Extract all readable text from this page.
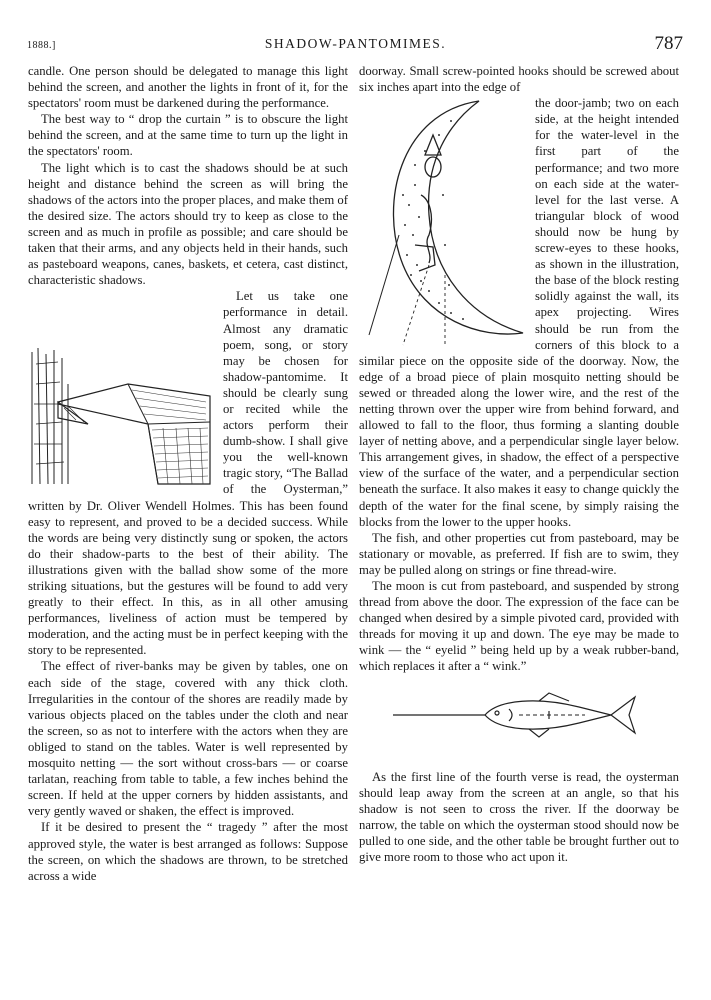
1888.]	SHADOW-PANTOMIMES.	787

candle. One person should be delegated to manage this light behind the screen, and another the lights in front of it, for the spectators' room must be darkened during the performance.

The best way to “ drop the curtain ” is to obscure the light behind the screen, and at the same time to turn up the light in the spectators' room.

The light which is to cast the shadows should be at such height and distance behind the screen as will bring the shadows of the actors into the proper places, and make them of the desired size. The actors should try to keep as close to the screen and as much in profile as possible; and care should be taken that their arms, and any objects held in their hands, such as pasteboard weapons, canes, baskets, et cetera, cast distinct, characteristic shadows.

Let us take one performance in detail. Almost any dramatic poem, song, or story may be chosen for shadow-pantomime. It should be clearly sung or recited while the actors perform their dumb-show. I shall give you the well-known tragic story, “The Ballad of the Oysterman,” written by Dr. Oliver Wendell Holmes. This has been found easy to represent, and proved to be a decided success. While the words are being very distinctly sung or spoken, the actors do their shadow-parts to the best of their ability. The illustrations given with the ballad show some of the more striking situations, but the gestures will be found to add very greatly to their effect. In this, as in all other amusing performances, liveliness of action must be tempered by moderation, and the acting must be in perfect keeping with the story to be represented.

The effect of river-banks may be given by tables, one on each side of the stage, covered with any thick cloth. Irregularities in the contour of the shores are readily made by various objects placed on the tables under the cloth and near the screen, so as not to interfere with the actors when they are obliged to stand on the tables. Water is well represented by mosquito netting — the sort without cross-bars — or coarse tarlatan, reaching from table to table, a few inches behind the screen. If held at the upper corners by hidden assistants, and very gently waved or shaken, the effect is improved.

If it be desired to present the “ tragedy ” after the most approved style, the water is best arranged as follows: Suppose the screen, on which the shadows are thrown, to be stretched across a wide

doorway. Small screw-pointed hooks should be screwed about six inches apart into the edge of

the door-jamb; two on each side, at the height intended for the water-level in the first part of the performance; and two more on each side at the water-level for the last verse. A triangular block of wood should now be hung by screw-eyes to these hooks, as shown in the illustration, the base of the block resting solidly against the wall, its apex projecting. Wires should be run from the corners of this block to a similar piece on the opposite side of the doorway. Now, the edge of a broad piece of plain mosquito netting should be sewed or threaded along the lower wire, and the rest of the netting thrown over the upper wire from behind forward, and allowed to fall to the floor, thus forming a slanting double layer of netting above, and a perpendicular single layer below. This arrangement gives, in shadow, the effect of a perspective view of the surface of the water, and a perpendicular section beneath the surface. It also makes it easy to change quickly the depth of the water for the final scene, by simply raising the blocks from the lower to the upper hooks.

The fish, and other properties cut from pasteboard, may be stationary or movable, as preferred. If fish are to swim, they may be pulled along on strings or fine thread-wire.

The moon is cut from pasteboard, and suspended by strong thread from above the door. The expression of the face can be changed when desired by a simple pivoted card, provided with threads for moving it up and down. The eye may be made to wink — the “ eyelid ” being held up by a weak rubber-band, which replaces it after a “ wink.”

As the first line of the fourth verse is read, the oysterman should leap away from the screen at an angle, so that his shadow is not seen to cross the river. If the doorway be narrow, the table on which the oysterman stood should now be pulled to one side, and the other table be brought further out to give more room to those who act upon it.
